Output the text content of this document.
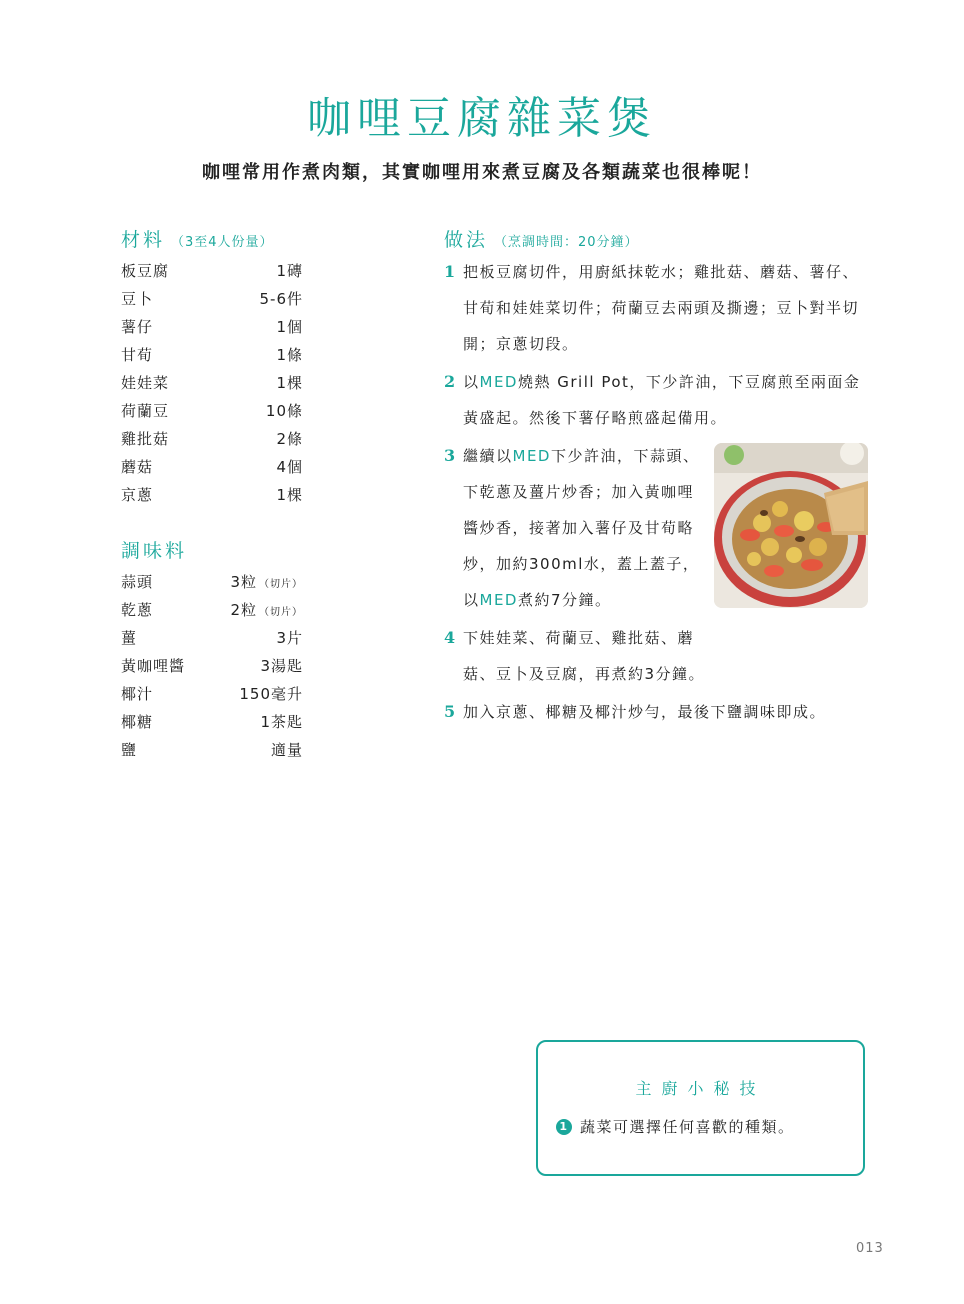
咖哩豆腐雜菜煲
咖哩常用作煮肉類，其實咖哩用來煮豆腐及各類蔬菜也很棒呢！
材料 （3至4人份量）
板豆腐	1磚
豆卜	5-6件
薯仔	1個
甘荀	1條
娃娃菜	1棵
荷蘭豆	10條
雞批菇	2條
蘑菇	4個
京蔥	1棵
調味料
蒜頭	3粒 （切片）
乾蔥	2粒 （切片）
薑	3片
黃咖哩醬	3湯匙
椰汁	150毫升
椰糖	1茶匙
鹽	適量
做法 （烹調時間：20分鐘）
1 把板豆腐切件，用廚紙抹乾水；雞批菇、蘑菇、薯仔、甘荀和娃娃菜切件；荷蘭豆去兩頭及撕邊；豆卜對半切開；京蔥切段。
2 以MED燒熱 Grill Pot，下少許油，下豆腐煎至兩面金黃盛起。然後下薯仔略煎盛起備用。
3 繼續以MED下少許油，下蒜頭、下乾蔥及薑片炒香；加入黃咖哩醬炒香，接著加入薯仔及甘荀略炒，加約300ml水，蓋上蓋子，以MED煮約7分鐘。
4 下娃娃菜、荷蘭豆、雞批菇、蘑菇、豆卜及豆腐，再煮約3分鐘。
5 加入京蔥、椰糖及椰汁炒勻，最後下鹽調味即成。
主廚小秘技
1 蔬菜可選擇任何喜歡的種類。
013
